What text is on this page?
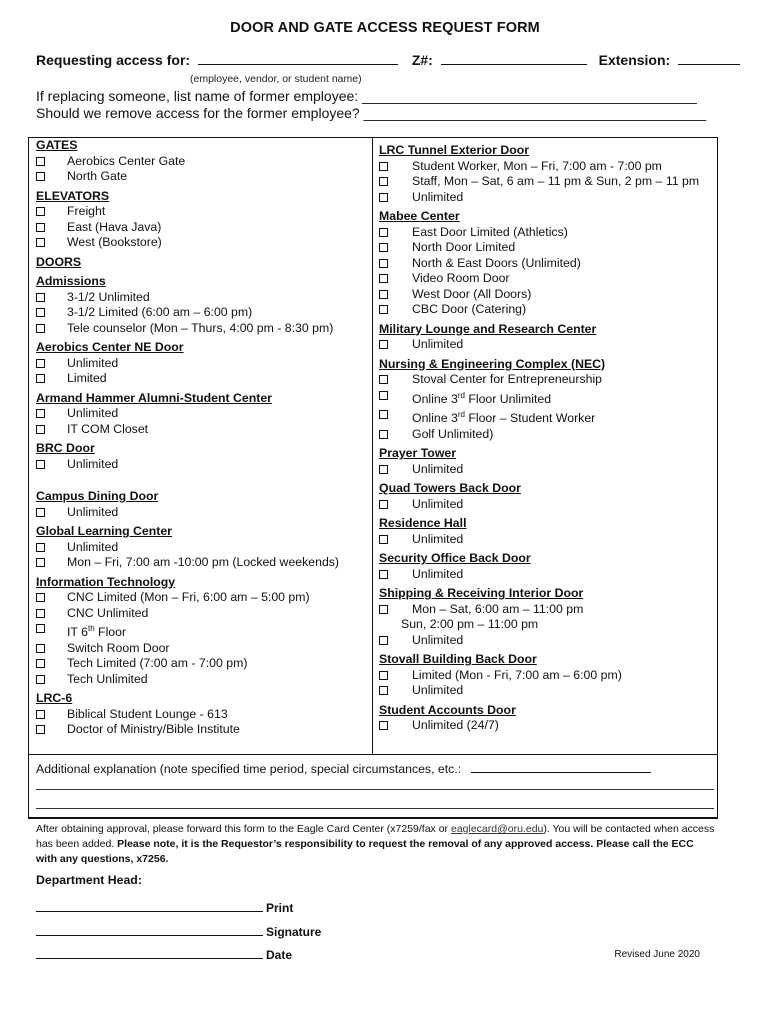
DOOR AND GATE ACCESS REQUEST FORM
Requesting access for:	Z#:	Extension:
(employee, vendor, or student name)
If replacing someone, list name of former employee: ___________________________________________
Should we remove access for the former employee? ____________________________________________
GATES
Aerobics Center Gate
North Gate
ELEVATORS
Freight
East (Hava Java)
West (Bookstore)
DOORS
Admissions
3-1/2 Unlimited
3-1/2 Limited (6:00 am – 6:00 pm)
Tele counselor (Mon – Thurs, 4:00 pm - 8:30 pm)
Aerobics Center NE Door
Unlimited
Limited
Armand Hammer Alumni-Student Center
Unlimited
IT COM Closet
BRC Door
Unlimited
Campus Dining Door
Unlimited
Global Learning Center
Unlimited
Mon – Fri, 7:00 am -10:00 pm (Locked weekends)
Information Technology
CNC Limited (Mon – Fri, 6:00 am – 5:00 pm)
CNC Unlimited
IT 6th Floor
Switch Room Door
Tech Limited (7:00 am - 7:00 pm)
Tech Unlimited
LRC-6
Biblical Student Lounge - 613
Doctor of Ministry/Bible Institute
LRC Tunnel Exterior Door
Student Worker, Mon – Fri, 7:00 am - 7:00 pm
Staff, Mon – Sat, 6 am – 11 pm & Sun, 2 pm – 11 pm
Unlimited
Mabee Center
East Door Limited (Athletics)
North Door Limited
North & East Doors (Unlimited)
Video Room Door
West Door (All Doors)
CBC Door (Catering)
Military Lounge and Research Center
Unlimited
Nursing & Engineering Complex (NEC)
Stoval Center for Entrepreneurship
Online 3rd Floor Unlimited
Online 3rd Floor – Student Worker
Golf Unlimited)
Prayer Tower
Unlimited
Quad Towers Back Door
Unlimited
Residence Hall
Unlimited
Security Office Back Door
Unlimited
Shipping & Receiving Interior Door
Mon – Sat, 6:00 am – 11:00 pm
Sun, 2:00 pm – 11:00 pm
Unlimited
Stovall Building Back Door
Limited (Mon - Fri, 7:00 am – 6:00 pm)
Unlimited
Student Accounts Door
Unlimited (24/7)
Additional explanation (note specified time period, special circumstances, etc.:
After obtaining approval, please forward this form to the Eagle Card Center (x7259/fax or eaglecard@oru.edu). You will be contacted when access has been added. Please note, it is the Requestor’s responsibility to request the removal of any approved access. Please call the ECC with any questions, x7256.
Department Head:
Print
Signature
Date	Revised June 2020
